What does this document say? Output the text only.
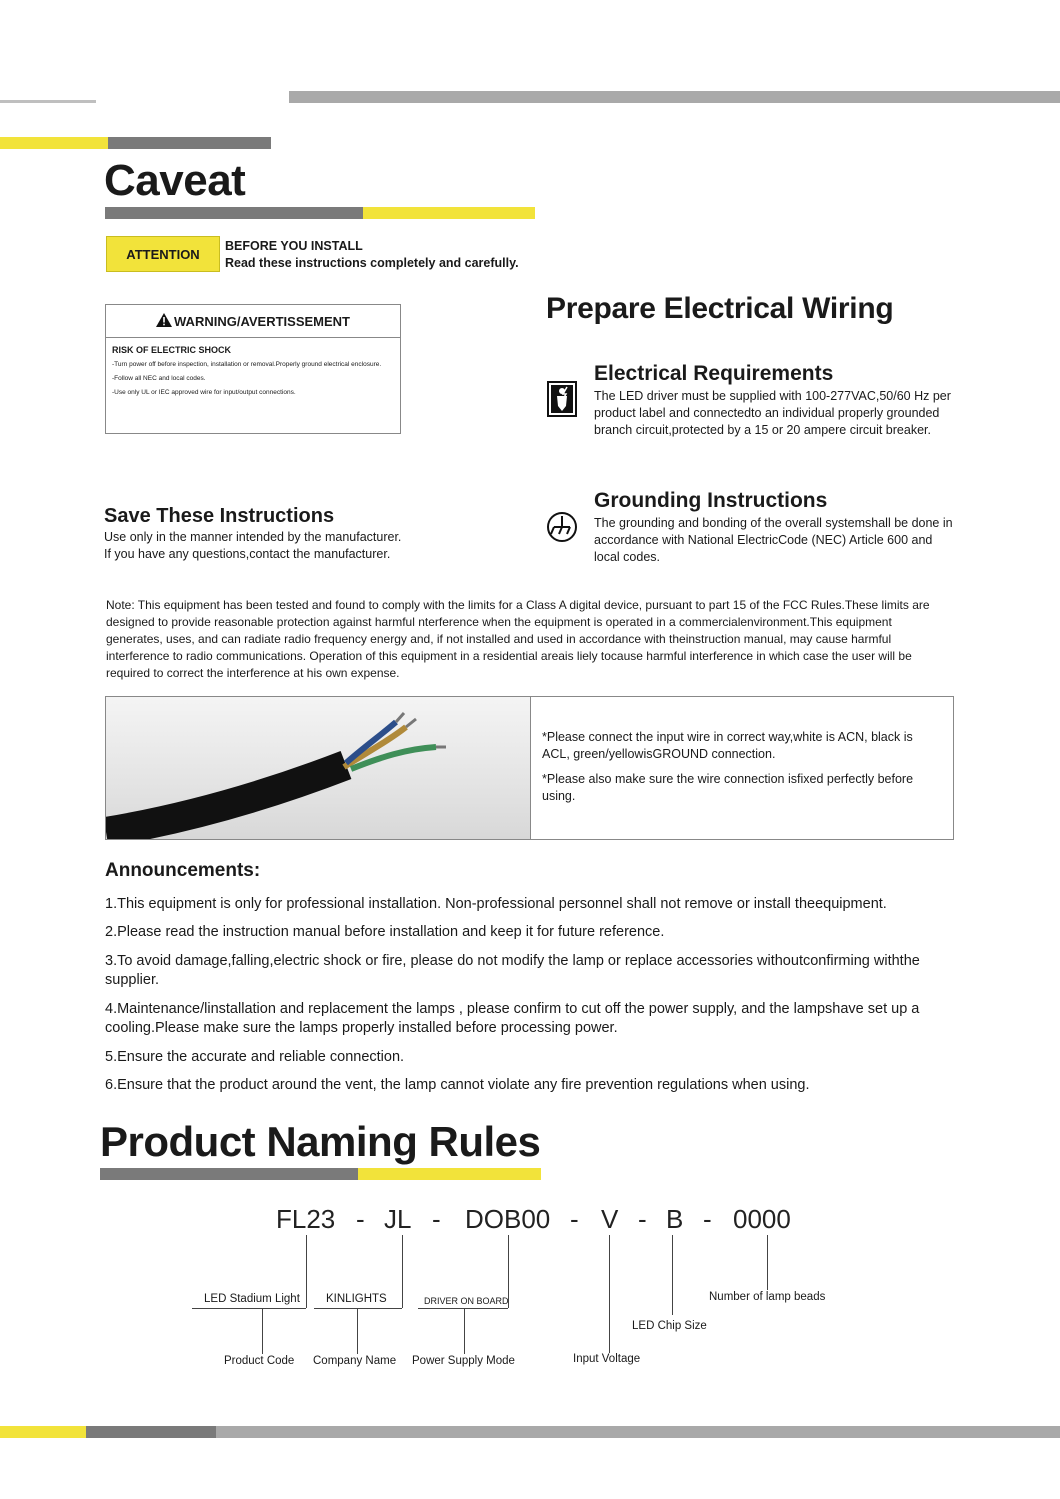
Caveat
ATTENTION
BEFORE YOU INSTALL
Read these instructions completely and carefully.
WARNING/AVERTISSEMENT
RISK OF ELECTRIC SHOCK
-Turn power off before inspection, installation or removal.Properly ground electrical enclosure.
-Follow all NEC and local codes.
-Use only UL or IEC approved wire for input/output connections.
Prepare Electrical Wiring
Electrical Requirements
The LED driver must be supplied with 100-277VAC,50/60 Hz per product label and connectedto an individual properly grounded branch circuit,protected by a 15 or 20 ampere circuit breaker.
Grounding Instructions
The grounding and bonding of the overall systemshall be done in accordance with National ElectricCode (NEC) Article 600 and local codes.
Save These Instructions
Use only in the manner intended by the manufacturer.
If you have any questions,contact the manufacturer.
Note: This equipment has been tested and found to comply with the limits for a Class A digital device, pursuant to part 15 of the FCC Rules.These limits are designed to provide reasonable protection against harmful nterference when the equipment is operated in a commercialenvironment.This equipment generates, uses, and can radiate radio frequency energy and, if not installed and used in accordance with theinstruction manual, may cause harmful interference to radio communications. Operation of this equipment in a residential areais liely tocause harmful interference in which case the user will be required to correct the interference at his own expense.
*Please connect the input wire in correct way,white is ACN, black is ACL, green/yellowisGROUND connection.
*Please also make sure the wire connection isfixed perfectly before using.
Announcements:
1.This equipment is only for professional installation. Non-professional personnel shall not remove or install theequipment.
2.Please read the instruction manual before installation and keep it for future reference.
3.To avoid damage,falling,electric shock or fire, please do not modify the lamp or replace accessories withoutconfirming withthe supplier.
4.Maintenance/linstallation and replacement the lamps , please confirm to cut off the power supply, and the lampshave set up a cooling.Please make sure the lamps properly installed before processing power.
5.Ensure the accurate and reliable connection.
6.Ensure that the product around the vent, the lamp cannot violate any fire prevention regulations when using.
Product Naming Rules
FL23 - JL - DOB00 - V - B - 0000
LED Stadium Light KINLIGHTS	DRIVER ON BOARD
Product Code Company Name Power Supply Mode	Input Voltage
LED Chip Size
Number of lamp beads
